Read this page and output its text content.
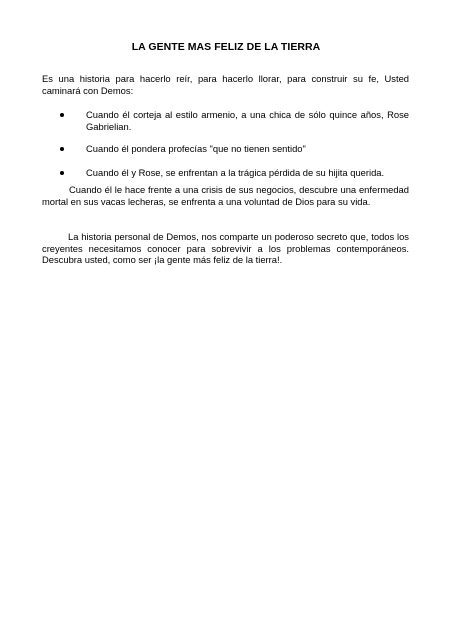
LA GENTE MAS FELIZ DE LA TIERRA
Es una historia para hacerlo reír, para hacerlo llorar, para construir su fe, Usted caminará con Demos:
Cuando él corteja al estilo armenio, a una chica de sólo quince años, Rose Gabrielian.
Cuando él pondera profecías "que no tienen sentido"
Cuando él y Rose, se enfrentan a la trágica pérdida de su hijita querida.
Cuando él le hace frente a una crisis de sus negocios, descubre una enfermedad mortal en sus vacas lecheras, se enfrenta a una voluntad de Dios para su vida.
La historia personal de Demos, nos comparte un poderoso secreto que, todos los creyentes necesitamos conocer para sobrevivir a los problemas contemporáneos. Descubra usted, como ser ¡la gente más feliz de la tierra!.
